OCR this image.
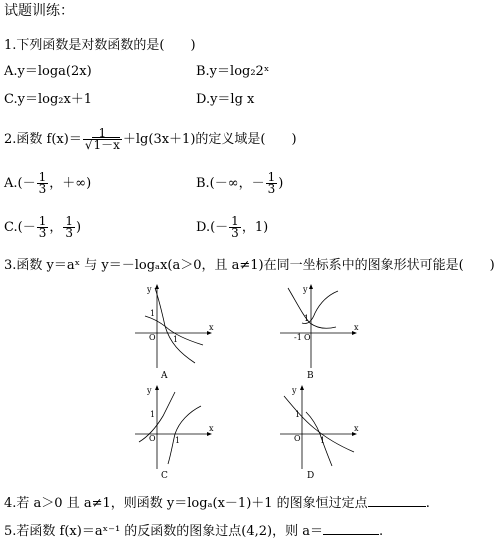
试题训练：
1.下列函数是对数函数的是(　　)
A.y＝loga(2x)	B.y＝log₂2ˣ
C.y＝log₂x＋1	D.y＝lg x
2.函数 $f(x)= \frac{1}{√1-x} +\lg(3x+1)$的定义域是(　　)
$A.(- \frac{1}{3}$ ，＋∞)	B.(－∞，－ $\frac{1}{3}$ )
$C.(- \frac{1}{3}$ ， $\frac{1}{3}$ )	$D.(- \frac{1}{3}$ ，1)
3.函数 y＝aˣ 与 y＝－logₐx(a＞0，且 a≠1)在同一坐标系中的图象形状可能是(　　)
y
x
O
1
1
A
y
x
-1 O
1
B
y
x
O
1
1
C
y
x
O
1
1
D
4.若 a＞0 且 a≠1，则函数 y＝logₐ(x－1)＋1 的图象恒过定点	.
5.若函数 f(x)＝aˣ⁻¹ 的反函数的图象过点(4,2)，则 a＝	.
